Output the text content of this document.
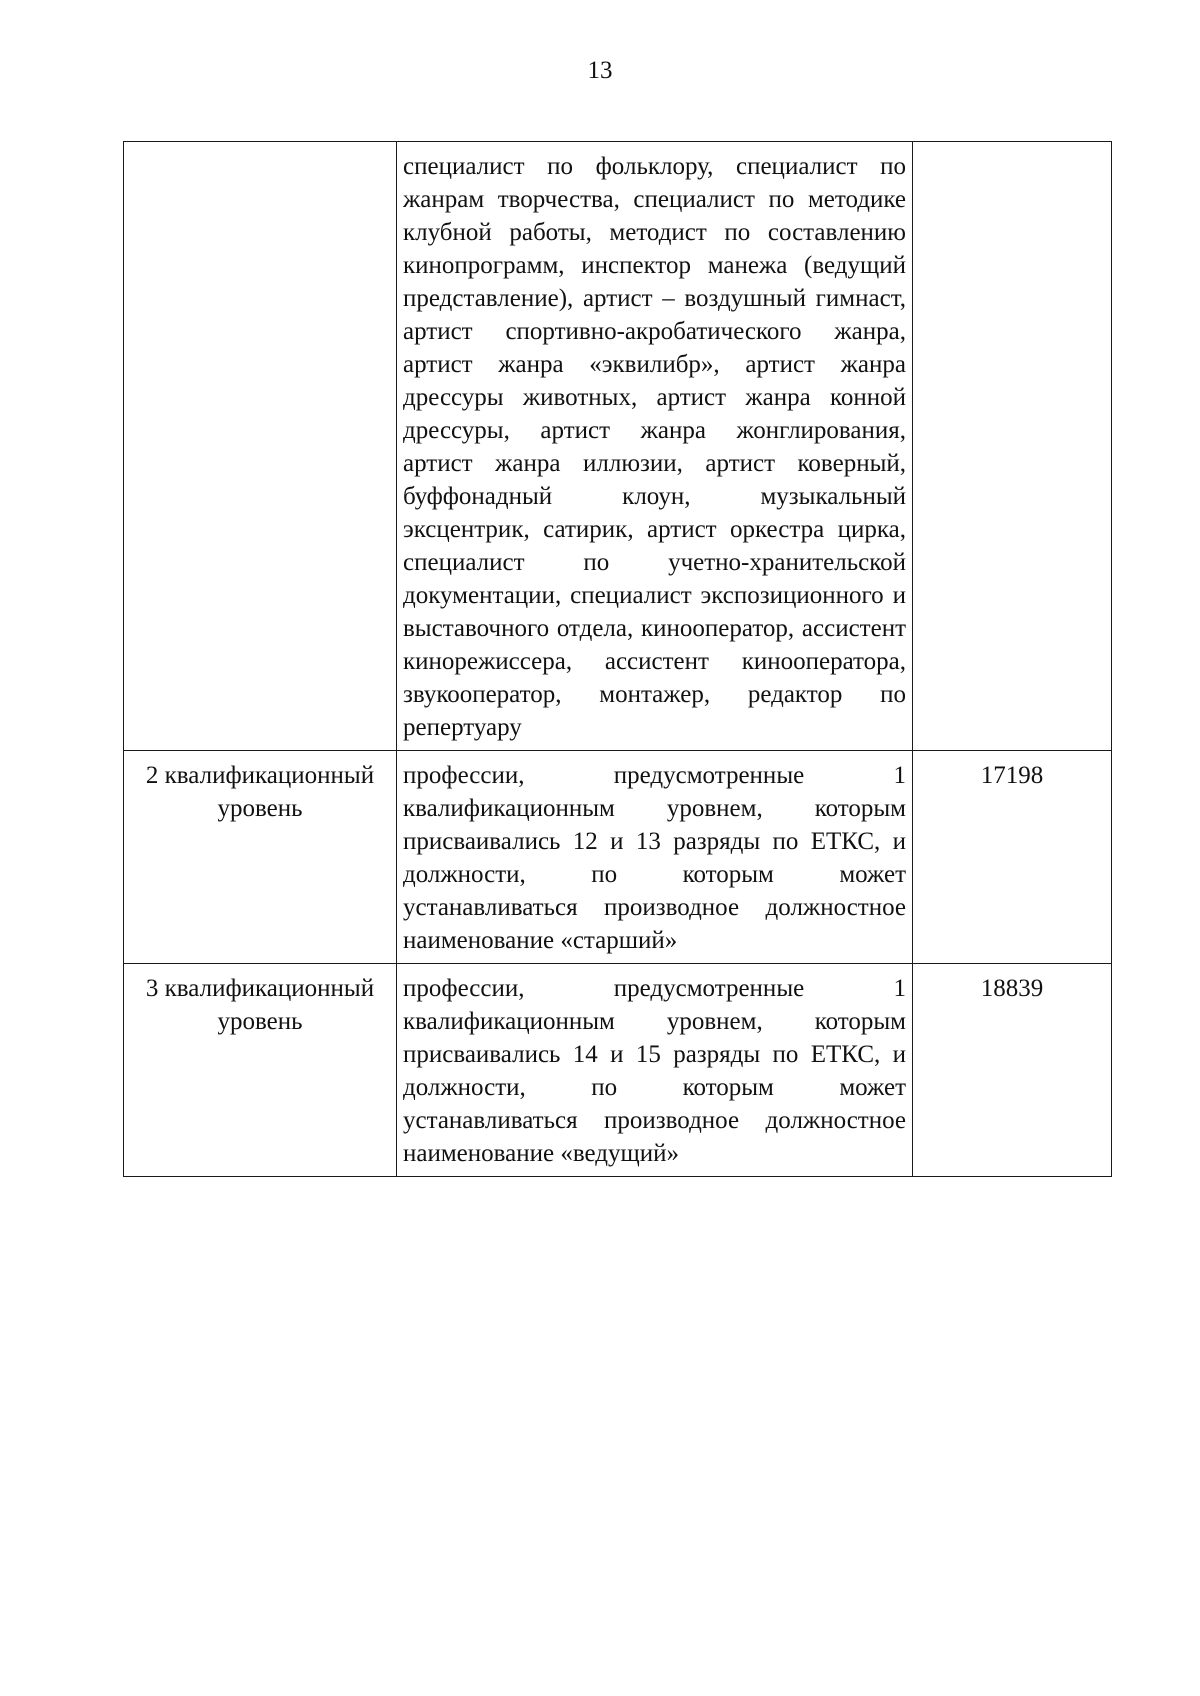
13

	специалист по фольклору, специалист по жанрам творчества, специалист по методике клубной работы, методист по составлению кинопрограмм, инспектор манежа (ведущий представление), артист – воздушный гимнаст, артист спортивно-акробатического жанра, артист жанра «эквилибр», артист жанра дрессуры животных, артист жанра конной дрессуры, артист жанра жонглирования, артист жанра иллюзии, артист коверный, буффонадный клоун, музыкальный эксцентрик, сатирик, артист оркестра цирка, специалист по учетно-хранительской документации, специалист экспозиционного и выставочного отдела, кинооператор, ассистент кинорежиссера, ассистент кинооператора, звукооператор, монтажер, редактор по репертуару	

2 квалификационный уровень	профессии, предусмотренные 1 квалификационным уровнем, которым присваивались 12 и 13 разряды по ЕТКС, и должности, по которым может устанавливаться производное должностное наименование «старший»	17198
3 квалификационный уровень	профессии, предусмотренные 1 квалификационным уровнем, которым присваивались 14 и 15 разряды по ЕТКС, и должности, по которым может устанавливаться производное должностное наименование «ведущий»	18839
